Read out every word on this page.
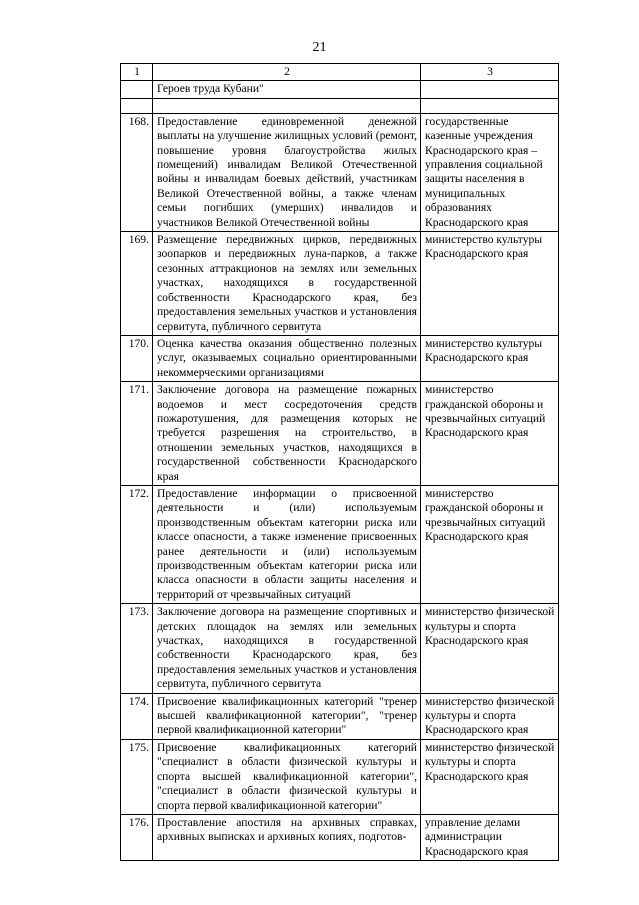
21
1	2	3
	Героев труда Кубани"	

168.	Предоставление единовременной денежной выплаты на улучшение жилищных условий (ремонт, повышение уровня благоустройства жилых помещений) инвалидам Великой Отечественной войны и инвалидам боевых действий, участникам Великой Отечественной войны, а также членам семьи погибших (умерших) инвалидов и участников Великой Отечественной войны	государственные казенные учреждения Краснодарского края – управления социальной защиты населения в муниципальных образованиях Краснодарского края
169.	Размещение передвижных цирков, передвижных зоопарков и передвижных луна-парков, а также сезонных аттракционов на землях или земельных участках, находящихся в государственной собственности Краснодарского края, без предоставления земельных участков и установления сервитута, публичного сервитута	министерство культуры Краснодарского края
170.	Оценка качества оказания общественно полезных услуг, оказываемых социально ориентированными некоммерческими организациями	министерство культуры Краснодарского края
171.	Заключение договора на размещение пожарных водоемов и мест сосредоточения средств пожаротушения, для размещения которых не требуется разрешения на строительство, в отношении земельных участков, находящихся в государственной собственности Краснодарского края	министерство гражданской обороны и чрезвычайных ситуаций Краснодарского края
172.	Предоставление информации о присвоенной деятельности и (или) используемым производственным объектам категории риска или классе опасности, а также изменение присвоенных ранее деятельности и (или) используемым производственным объектам категории риска или класса опасности в области защиты населения и территорий от чрезвычайных ситуаций	министерство гражданской обороны и чрезвычайных ситуаций Краснодарского края
173.	Заключение договора на размещение спортивных и детских площадок на землях или земельных участках, находящихся в государственной собственности Краснодарского края, без предоставления земельных участков и установления сервитута, публичного сервитута	министерство физической культуры и спорта Краснодарского края
174.	Присвоение квалификационных категорий "тренер высшей квалификационной категории", "тренер первой квалификационной категории"	министерство физической культуры и спорта Краснодарского края
175.	Присвоение квалификационных категорий "специалист в области физической культуры и спорта высшей квалификационной категории", "специалист в области физической культуры и спорта первой квалификационной категории"	министерство физической культуры и спорта Краснодарского края
176.	Проставление апостиля на архивных справках, архивных выписках и архивных копиях, подготов-	управление делами администрации Краснодарского края
